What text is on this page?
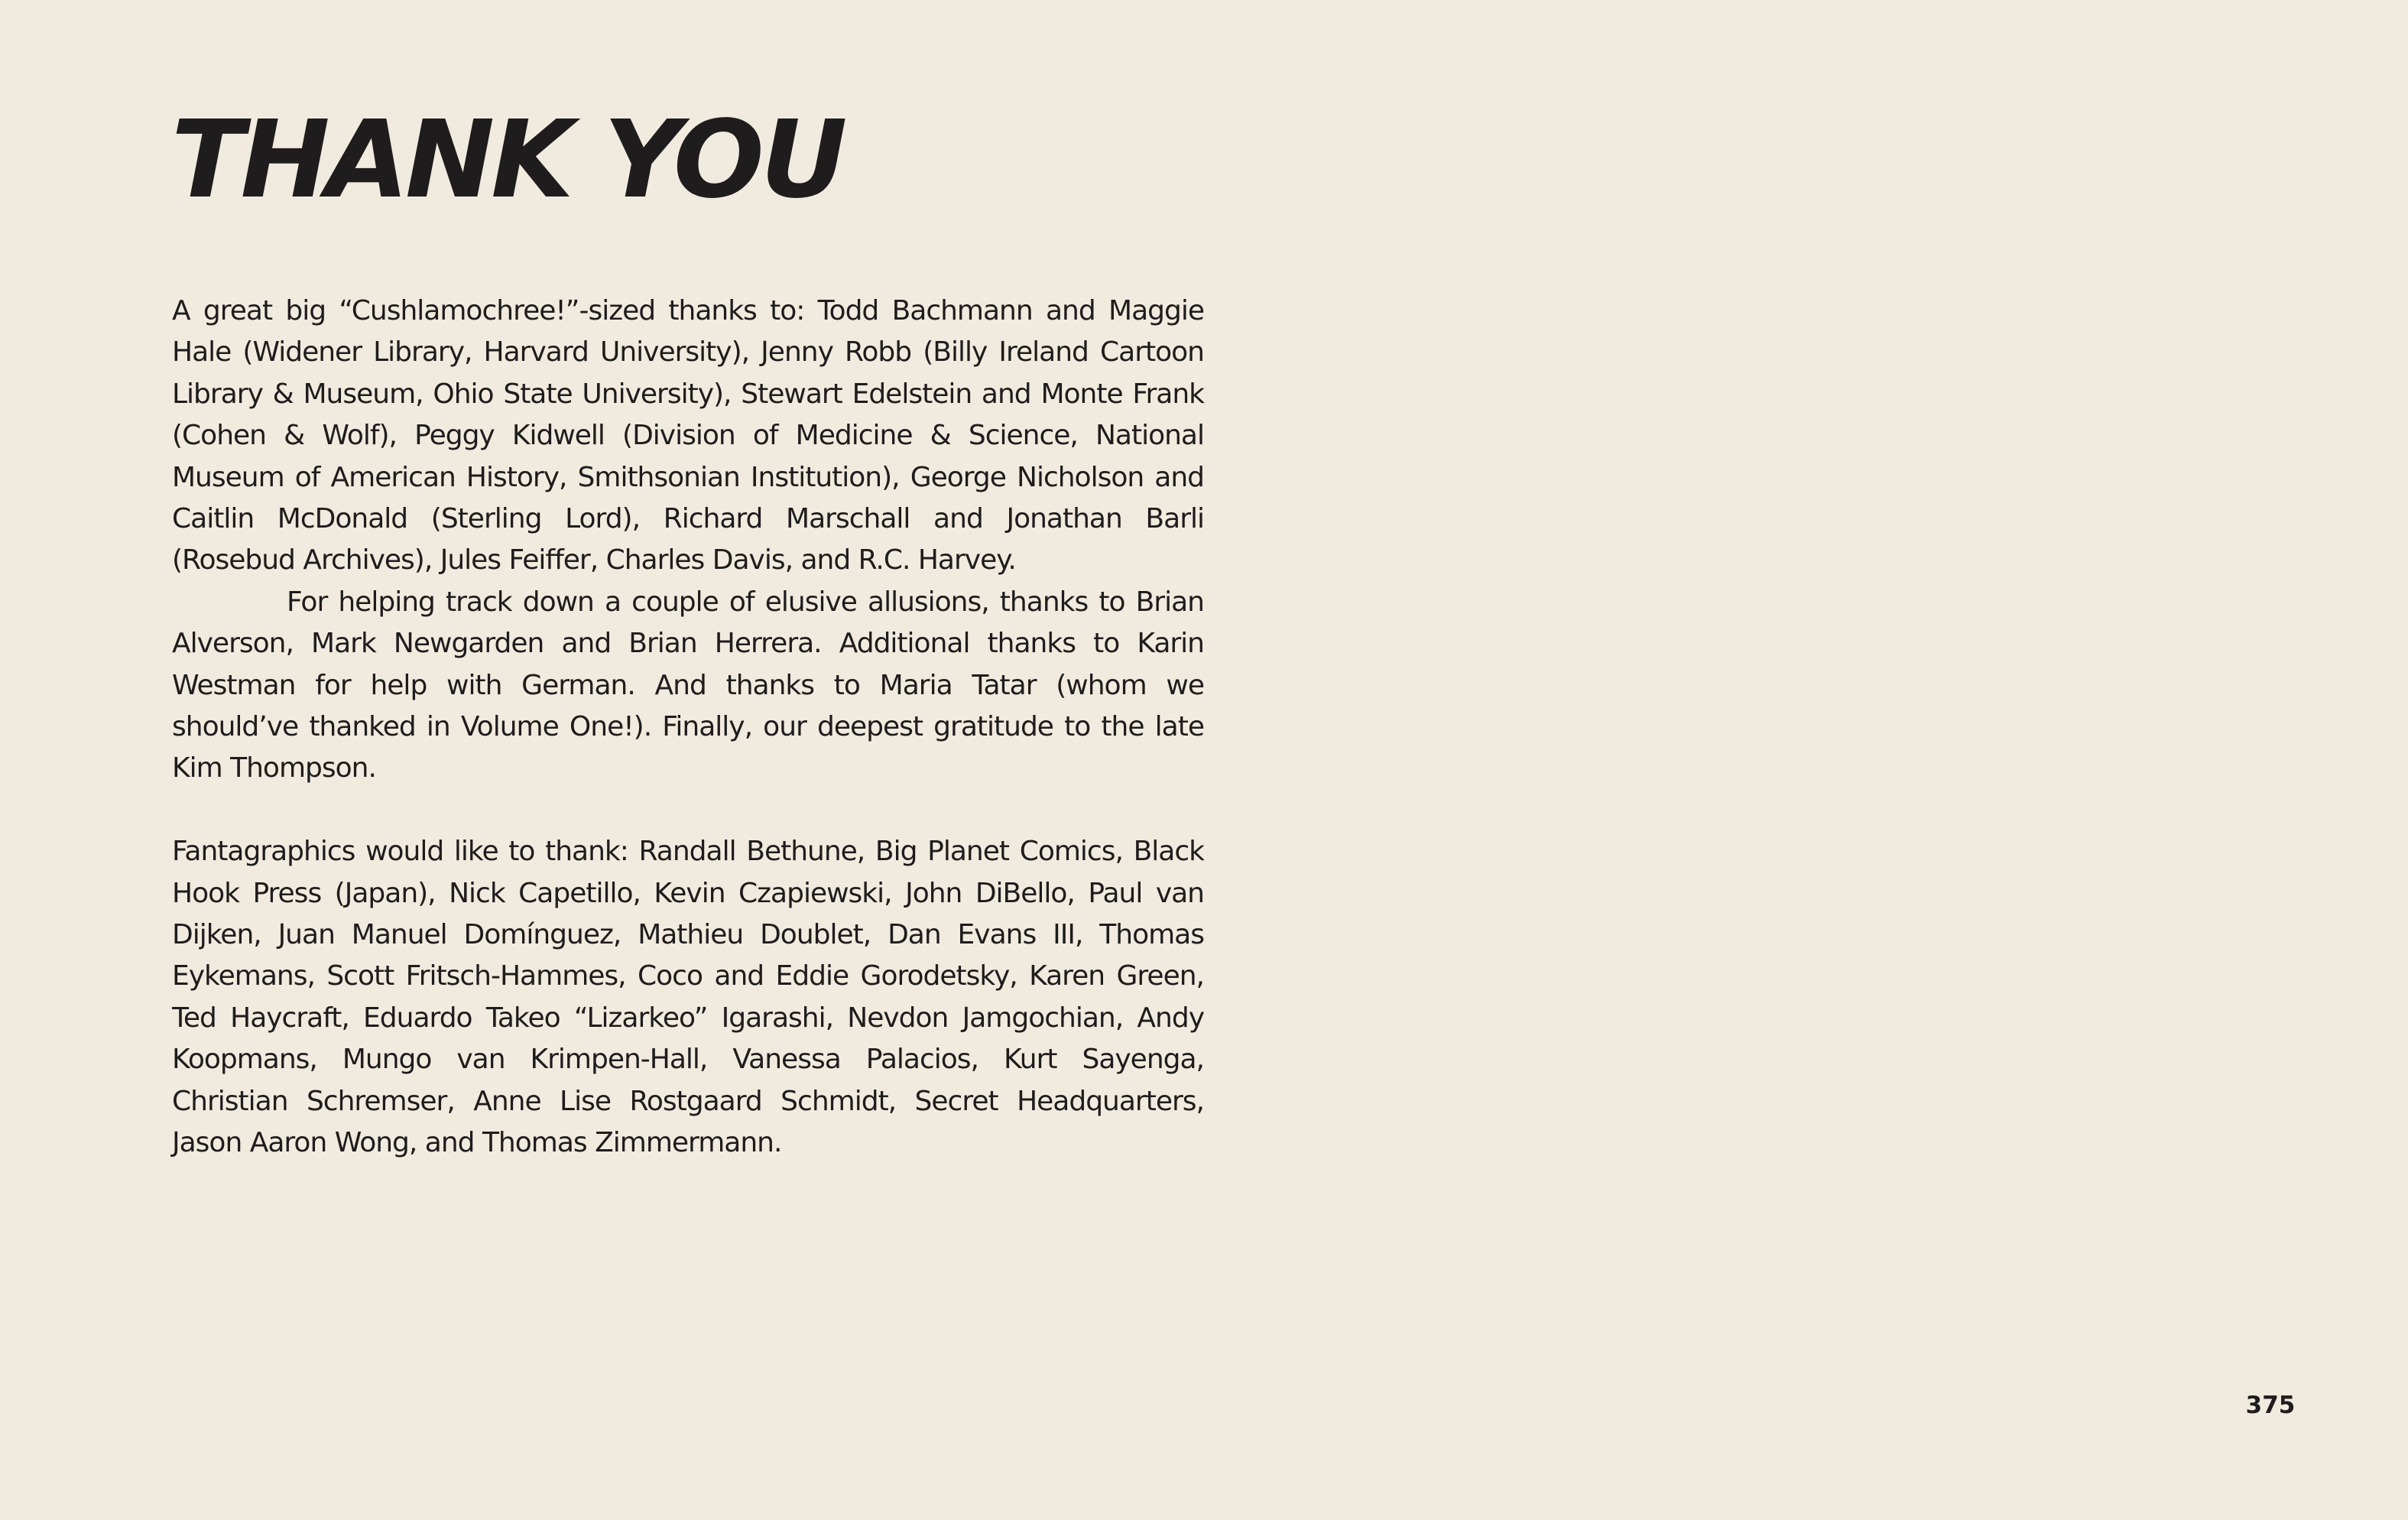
THANK YOU

A great big “Cushlamochree!”-sized thanks to: Todd Bachmann and Maggie Hale (Widener Library, Harvard University), Jenny Robb (Billy Ireland Cartoon Library & Museum, Ohio State University), Stewart Edelstein and Monte Frank (Cohen & Wolf), Peggy Kidwell (Division of Medicine & Science, National Museum of American History, Smithsonian Institution), George Nicholson and Caitlin McDonald (Sterling Lord), Richard Marschall and Jonathan Barli (Rosebud Archives), Jules Feiffer, Charles Davis, and R.C. Harvey.

For helping track down a couple of elusive allusions, thanks to Brian Alverson, Mark Newgarden and Brian Herrera. Additional thanks to Karin Westman for help with German. And thanks to Maria Tatar (whom we should’ve thanked in Volume One!). Finally, our deepest gratitude to the late Kim Thompson.

Fantagraphics would like to thank: Randall Bethune, Big Planet Comics, Black Hook Press (Japan), Nick Capetillo, Kevin Czapiewski, John DiBello, Paul van Dijken, Juan Manuel Domínguez, Mathieu Doublet, Dan Evans III, Thomas Eykemans, Scott Fritsch-Hammes, Coco and Eddie Gorodetsky, Karen Green, Ted Haycraft, Eduardo Takeo “Lizarkeo” Igarashi, Nevdon Jamgochian, Andy Koopmans, Mungo van Krimpen-Hall, Vanessa Palacios, Kurt Sayenga, Christian Schremser, Anne Lise Rostgaard Schmidt, Secret Headquarters, Jason Aaron Wong, and Thomas Zimmermann.

375
